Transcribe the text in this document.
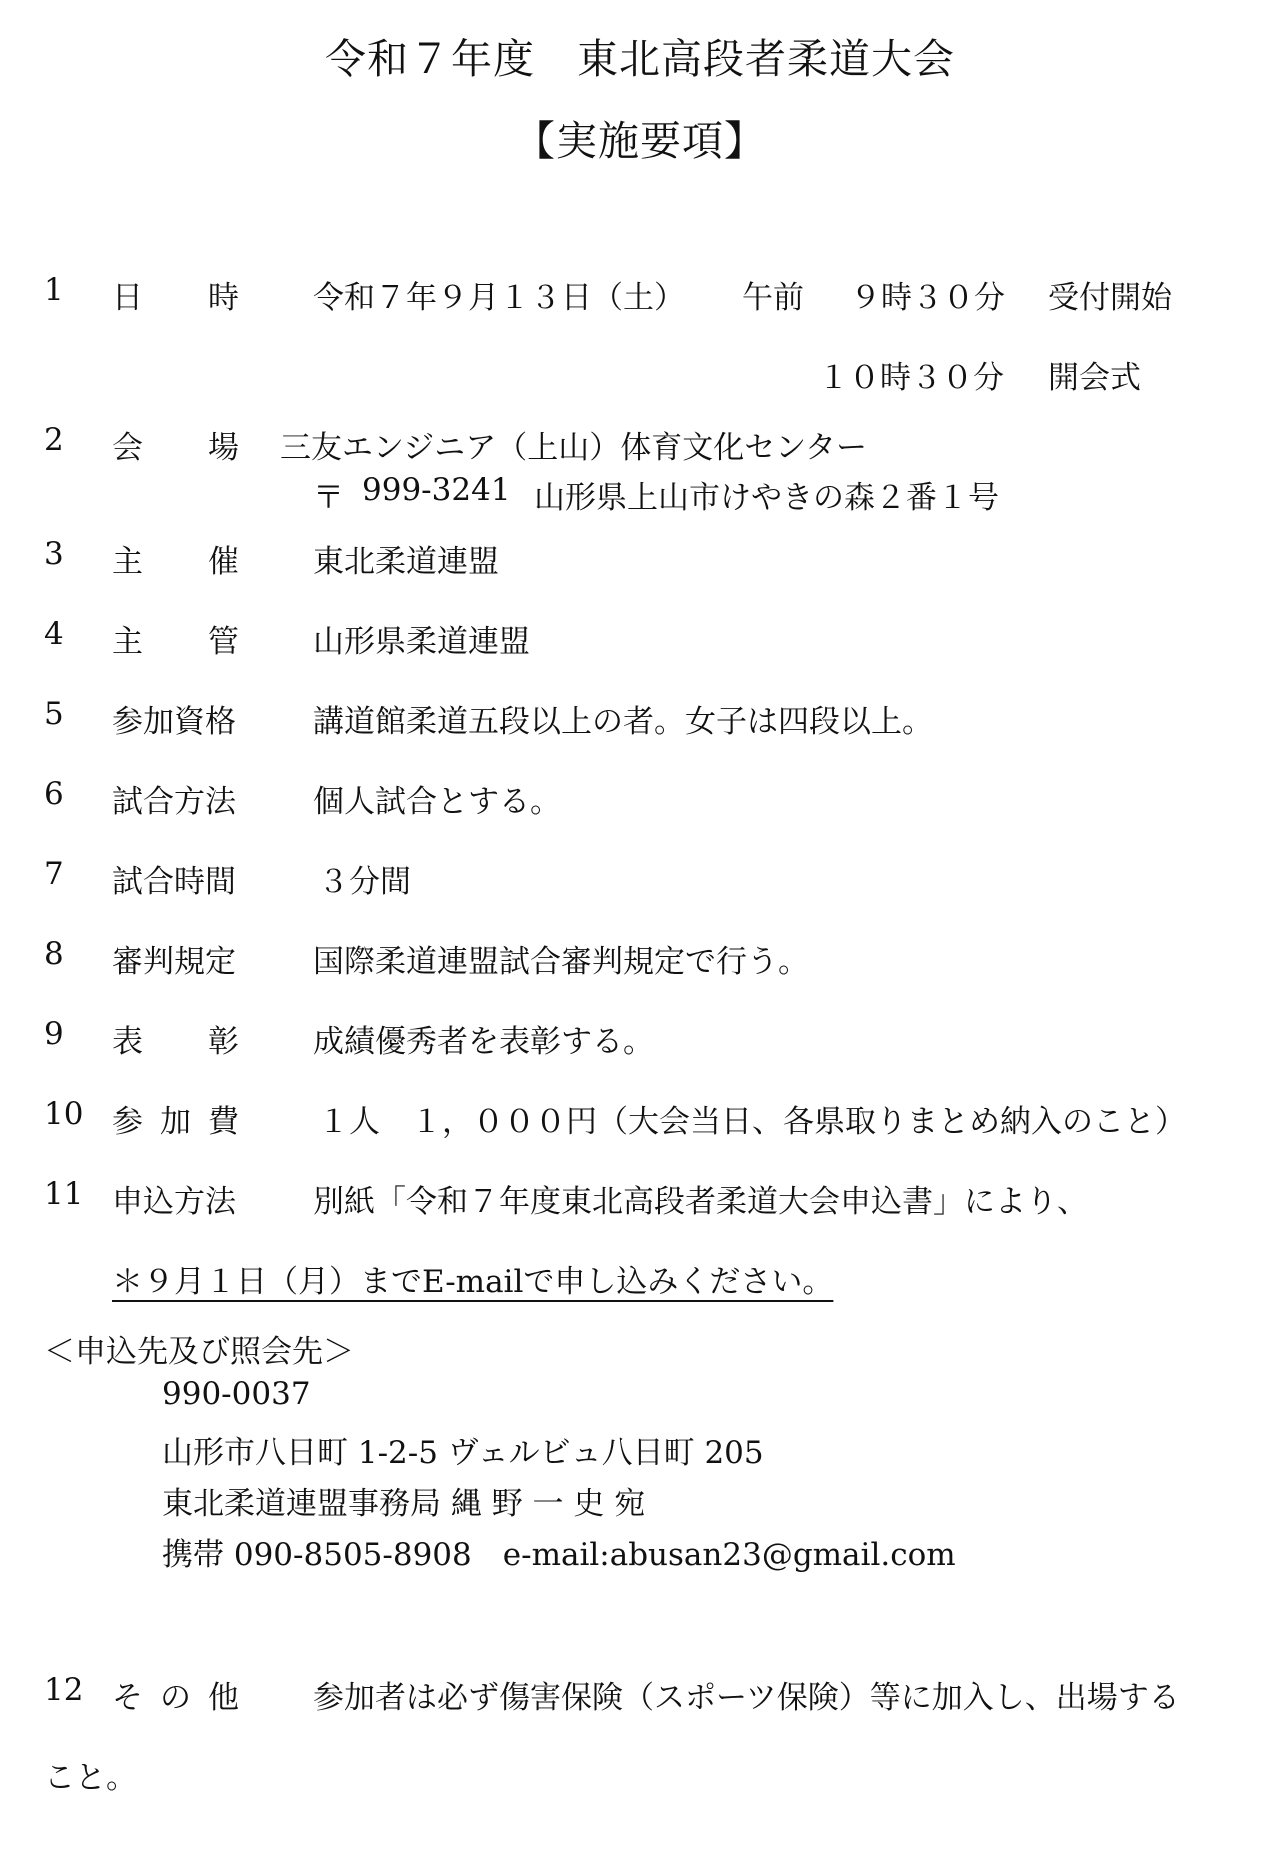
令和７年度　東北高段者柔道大会
【実施要項】
1 日 時 令和７年９月１３日（土） 午前 ９時３０分 受付開始
１０時３０分 開会式
2 会 場 三友エンジニア（上山）体育文化センター
〒 999-3241 山形県上山市けやきの森２番１号
3 主 催 東北柔道連盟
4 主 管 山形県柔道連盟
5 参加資格 講道館柔道五段以上の者。女子は四段以上。
6 試合方法 個人試合とする。
7 試合時間	３分間
8 審判規定 国際柔道連盟試合審判規定で行う。
9 表 彰 成績優秀者を表彰する。
10 参 加 費	１人　１，０００円（大会当日、各県取りまとめ納入のこと）
11 申込方法 別紙「令和７年度東北高段者柔道大会申込書」により、
＊９月１日（月）までE-mailで申し込みください。
＜申込先及び照会先＞
990-0037
山形市八日町 1-2-5 ヴェルビュ八日町 205
東北柔道連盟事務局 縄 野 一 史 宛
携帯 090-8505-8908　e-mail:abusan23@gmail.com
12 そ の 他 参加者は必ず傷害保険（スポーツ保険）等に加入し、出場する
こと。
